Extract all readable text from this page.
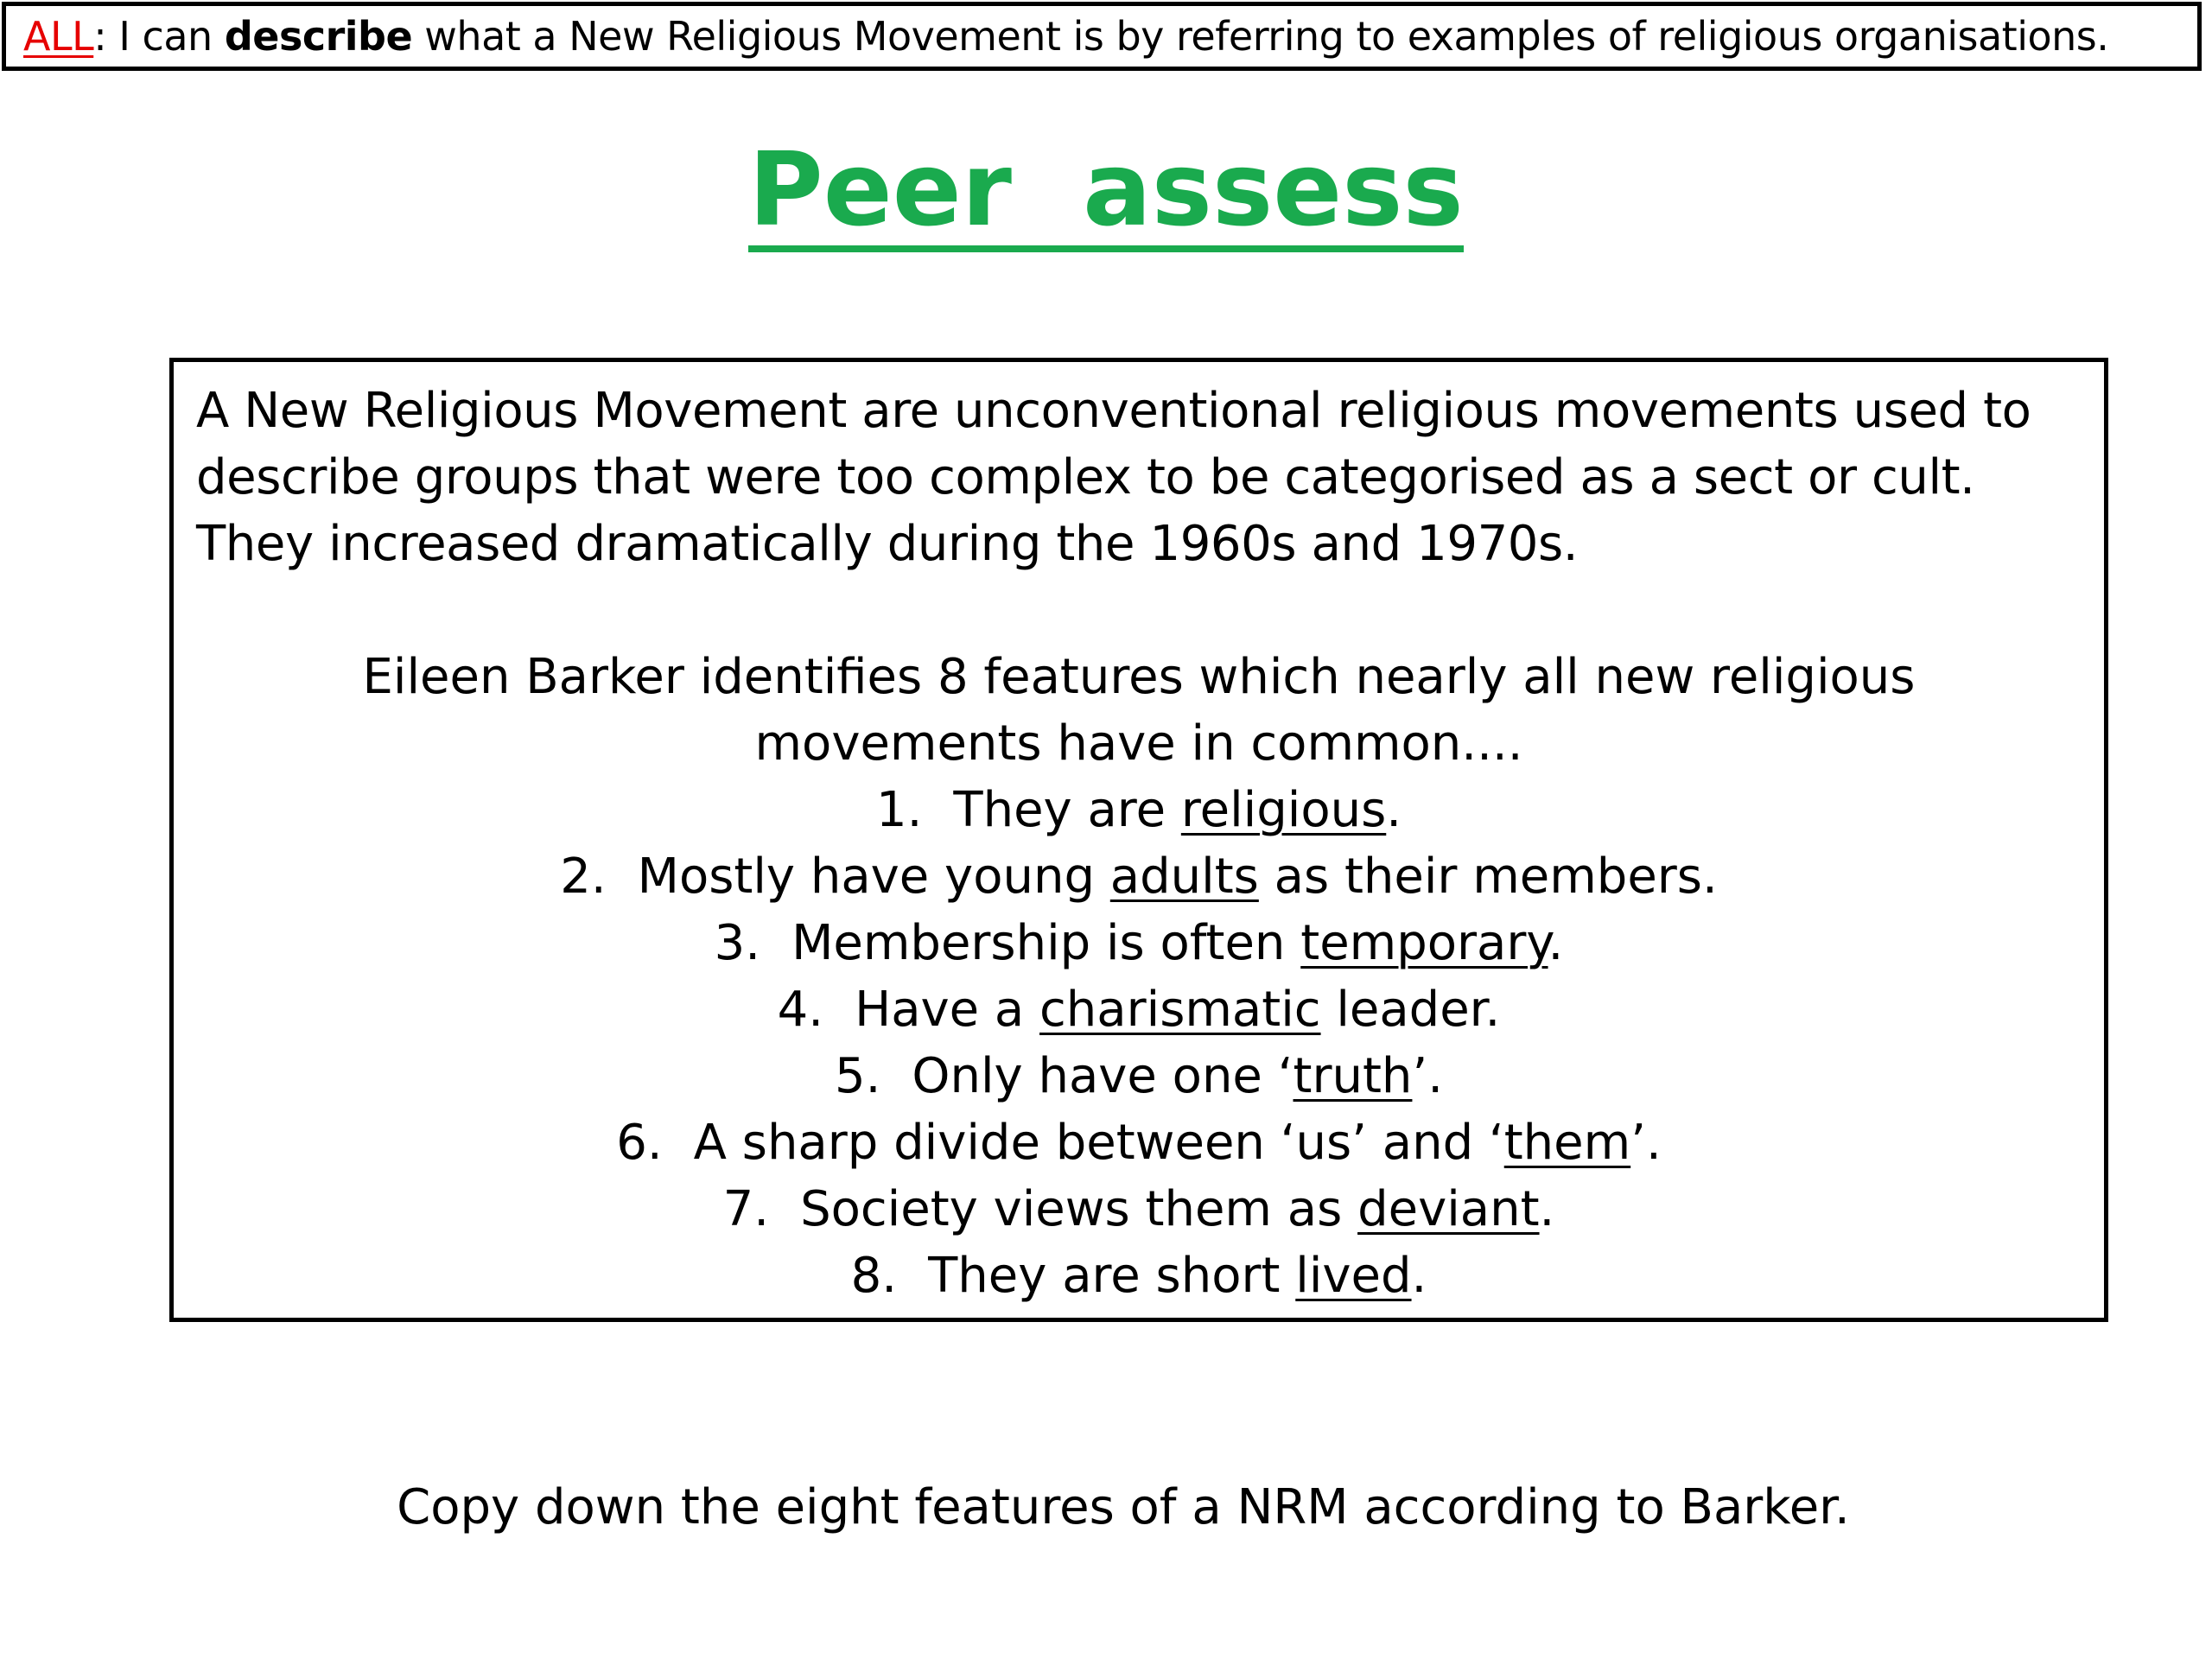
ALL : I can describe what a New Religious Movement is by referring to examples of religious organisations.
Peer  assess

A New Religious Movement are unconventional religious movements used to describe groups that were too complex to be categorised as a sect or cult. They increased dramatically during the 1960s and 1970s.

Eileen Barker identifies 8 features which nearly all new religious movements have in common....

1. They are religious.
2. Mostly have young adults as their members.
3. Membership is often temporary.
4. Have a charismatic leader.
5. Only have one ‘truth’.
6. A sharp divide between ‘us’ and ‘them’.
7. Society views them as deviant.
8. They are short lived.
Copy down the eight features of a NRM according to Barker.
